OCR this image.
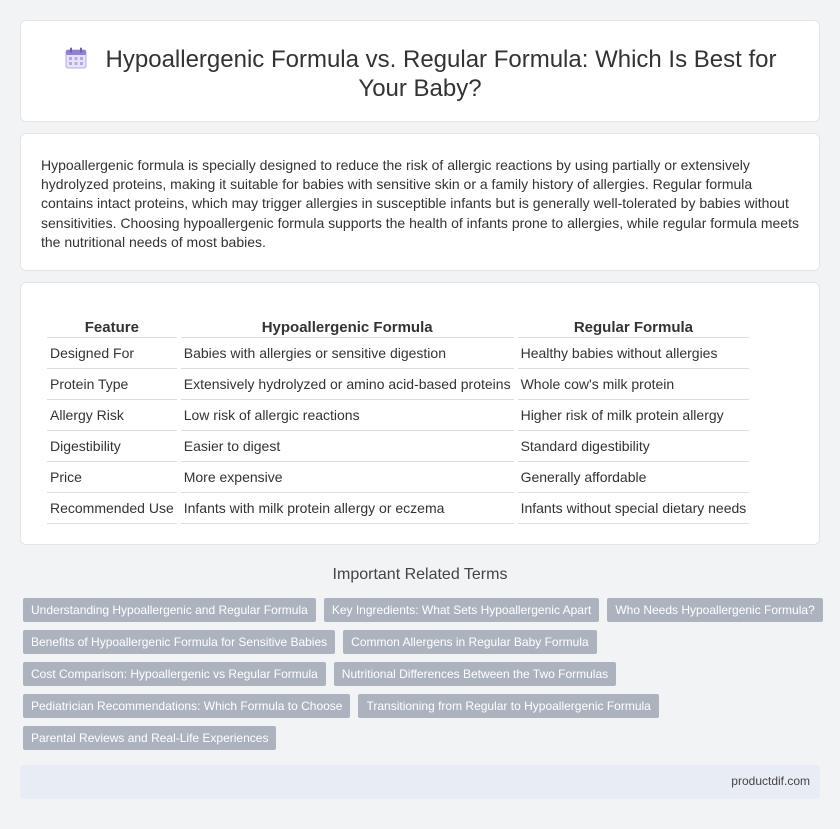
Hypoallergenic Formula vs. Regular Formula: Which Is Best for Your Baby?

Hypoallergenic formula is specially designed to reduce the risk of allergic reactions by using partially or extensively hydrolyzed proteins, making it suitable for babies with sensitive skin or a family history of allergies. Regular formula contains intact proteins, which may trigger allergies in susceptible infants but is generally well-tolerated by babies without sensitivities. Choosing hypoallergenic formula supports the health of infants prone to allergies, while regular formula meets the nutritional needs of most babies.

Feature	Hypoallergenic Formula	Regular Formula
Designed For	Babies with allergies or sensitive digestion	Healthy babies without allergies
Protein Type	Extensively hydrolyzed or amino acid-based proteins	Whole cow's milk protein
Allergy Risk	Low risk of allergic reactions	Higher risk of milk protein allergy
Digestibility	Easier to digest	Standard digestibility
Price	More expensive	Generally affordable
Recommended Use	Infants with milk protein allergy or eczema	Infants without special dietary needs
Important Related Terms
Understanding Hypoallergenic and Regular Formula	Key Ingredients: What Sets Hypoallergenic Apart	Who Needs Hypoallergenic Formula?
Benefits of Hypoallergenic Formula for Sensitive Babies	Common Allergens in Regular Baby Formula
Cost Comparison: Hypoallergenic vs Regular Formula	Nutritional Differences Between the Two Formulas
Pediatrician Recommendations: Which Formula to Choose	Transitioning from Regular to Hypoallergenic Formula
Parental Reviews and Real-Life Experiences
productdif.com
